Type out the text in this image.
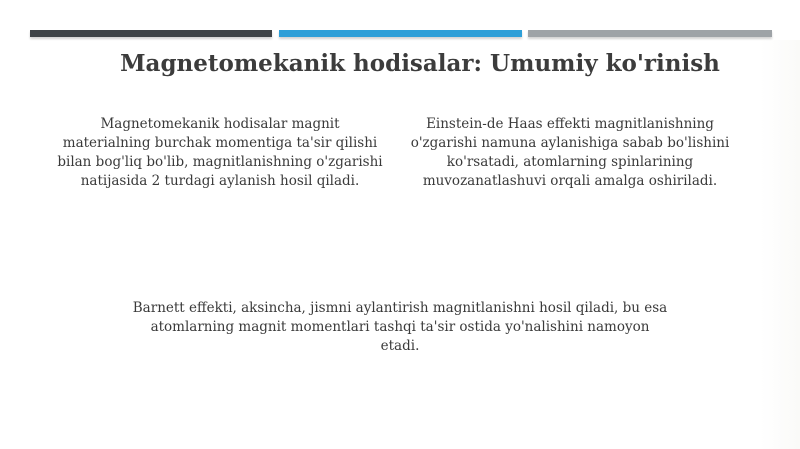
Magnetomekanik hodisalar: Umumiy ko'rinish
Magnetomekanik hodisalar magnit materialning burchak momentiga ta'sir qilishi bilan bog'liq bo'lib, magnitlanishning o'zgarishi natijasida 2 turdagi aylanish hosil qiladi.
Einstein-de Haas effekti magnitlanishning o'zgarishi namuna aylanishiga sabab bo'lishini ko'rsatadi, atomlarning spinlarining muvozanatlashuvi orqali amalga oshiriladi.
Barnett effekti, aksincha, jismni aylantirish magnitlanishni hosil qiladi, bu esa atomlarning magnit momentlari tashqi ta'sir ostida yo'nalishini namoyon etadi.
